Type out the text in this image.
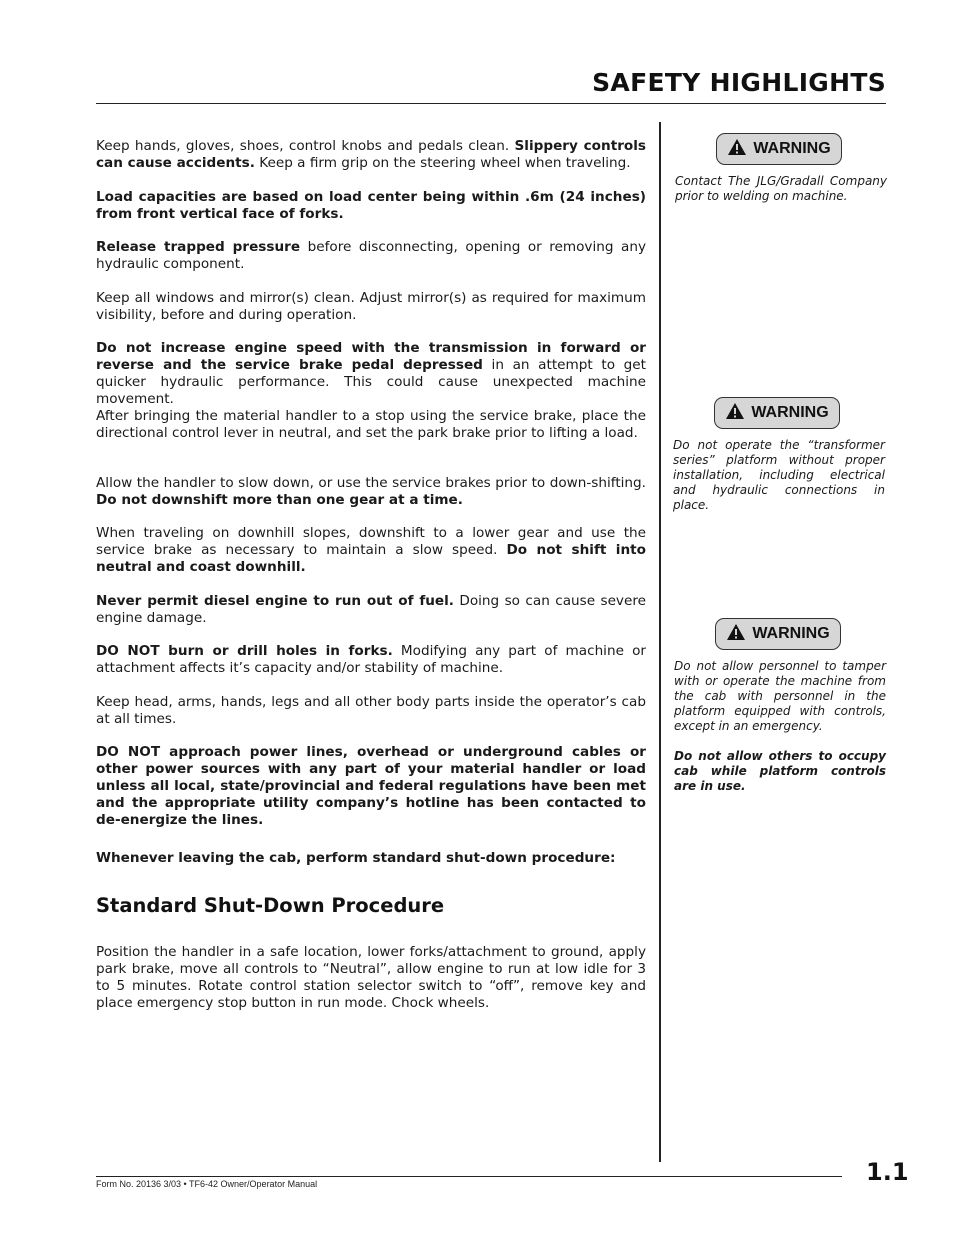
SAFETY HIGHLIGHTS

Keep hands, gloves, shoes, control knobs and pedals clean. Slippery controls can cause accidents. Keep a firm grip on the steering wheel when traveling.

Load capacities are based on load center being within .6m (24 inches) from front vertical face of forks.

Release trapped pressure before disconnecting, opening or removing any hydraulic component.

Keep all windows and mirror(s) clean. Adjust mirror(s) as required for maximum visibility, before and during operation.

Do not increase engine speed with the transmission in forward or reverse and the service brake pedal depressed in an attempt to get quicker hydraulic performance. This could cause unexpected machine movement.

After bringing the material handler to a stop using the service brake, place the directional control lever in neutral, and set the park brake prior to lifting a load.

Allow the handler to slow down, or use the service brakes prior to down-shifting. Do not downshift more than one gear at a time.

When traveling on downhill slopes, downshift to a lower gear and use the service brake as necessary to maintain a slow speed. Do not shift into neutral and coast downhill.

Never permit diesel engine to run out of fuel. Doing so can cause severe engine damage.

DO NOT burn or drill holes in forks. Modifying any part of machine or attachment affects it’s capacity and/or stability of machine.

Keep head, arms, hands, legs and all other body parts inside the operator’s cab at all times.

DO NOT approach power lines, overhead or underground cables or other power sources with any part of your material handler or load unless all local, state/provincial and federal regulations have been met and the appropriate utility company’s hotline has been contacted to de-energize the lines.

Whenever leaving the cab, perform standard shut-down procedure:

Standard Shut-Down Procedure

Position the handler in a safe location, lower forks/attachment to ground, apply park brake, move all controls to “Neutral”, allow engine to run at low idle for 3 to 5 minutes. Rotate control station selector switch to “off”, remove key and place emergency stop button in run mode. Chock wheels.

WARNING

Contact The JLG/Gradall Company prior to welding on machine.

WARNING

Do not operate the “transformer series” platform without proper installation, including electrical and hydraulic connections in place.

WARNING

Do not allow personnel to tamper with or operate the machine from the cab with personnel in the platform equipped with controls, except in an emergency.

Do not allow others to occupy cab while platform controls are in use.

Form No. 20136 3/03 • TF6-42 Owner/Operator Manual	1.1
